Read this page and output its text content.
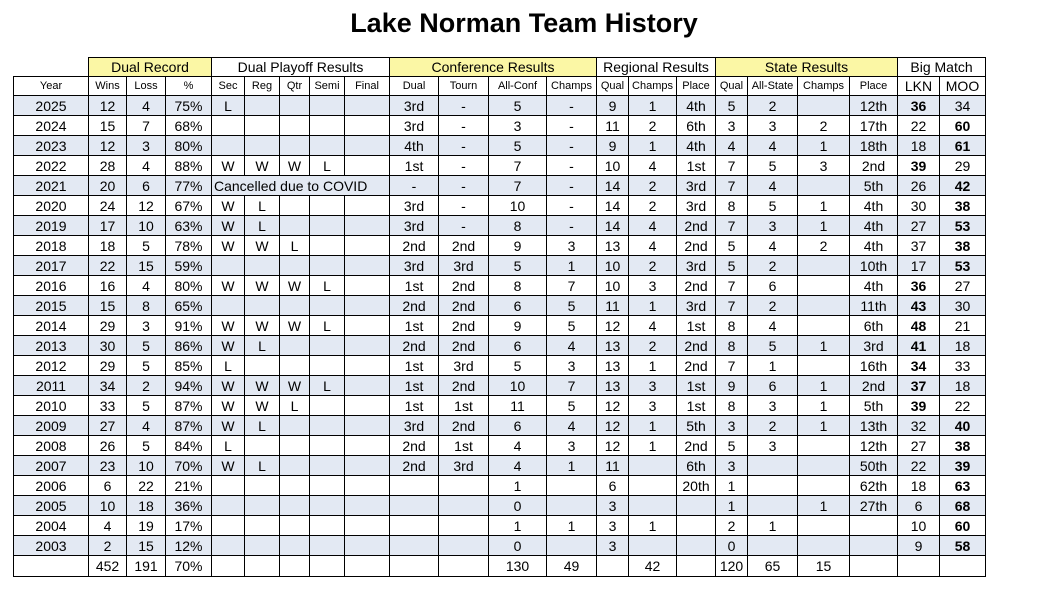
Lake Norman Team History
	Dual Record			Dual Playoff Results					Conference Results				Regional Results			State Results				Big Match	
Year	Wins	Loss	%	Sec	Reg	Qtr	Semi	Final	Dual	Tourn	All-Conf	Champs	Qual	Champs	Place	Qual	All-State	Champs	Place	LKN	MOO
2025	12	4	75%	L					3rd	-	5	-	9	1	4th	5	2		12th	36	34
2024	15	7	68%						3rd	-	3	-	11	2	6th	3	3	2	17th	22	60
2023	12	3	80%						4th	-	5	-	9	1	4th	4	4	1	18th	18	61
2022	28	4	88%	W	W	W	L		1st	-	7	-	10	4	1st	7	5	3	2nd	39	29
2021	20	6	77%	Cancelled due to COVID					-	-	7	-	14	2	3rd	7	4		5th	26	42
2020	24	12	67%	W	L				3rd	-	10	-	14	2	3rd	8	5	1	4th	30	38
2019	17	10	63%	W	L				3rd	-	8	-	14	4	2nd	7	3	1	4th	27	53
2018	18	5	78%	W	W	L			2nd	2nd	9	3	13	4	2nd	5	4	2	4th	37	38
2017	22	15	59%						3rd	3rd	5	1	10	2	3rd	5	2		10th	17	53
2016	16	4	80%	W	W	W	L		1st	2nd	8	7	10	3	2nd	7	6		4th	36	27
2015	15	8	65%						2nd	2nd	6	5	11	1	3rd	7	2		11th	43	30
2014	29	3	91%	W	W	W	L		1st	2nd	9	5	12	4	1st	8	4		6th	48	21
2013	30	5	86%	W	L				2nd	2nd	6	4	13	2	2nd	8	5	1	3rd	41	18
2012	29	5	85%	L					1st	3rd	5	3	13	1	2nd	7	1		16th	34	33
2011	34	2	94%	W	W	W	L		1st	2nd	10	7	13	3	1st	9	6	1	2nd	37	18
2010	33	5	87%	W	W	L			1st	1st	11	5	12	3	1st	8	3	1	5th	39	22
2009	27	4	87%	W	L				3rd	2nd	6	4	12	1	5th	3	2	1	13th	32	40
2008	26	5	84%	L					2nd	1st	4	3	12	1	2nd	5	3		12th	27	38
2007	23	10	70%	W	L				2nd	3rd	4	1	11		6th	3			50th	22	39
2006	6	22	21%								1		6		20th	1			62th	18	63
2005	10	18	36%								0		3			1		1	27th	6	68
2004	4	19	17%								1	1	3	1		2	1			10	60
2003	2	15	12%								0		3			0				9	58
	452	191	70%								130	49		42		120	65	15			
